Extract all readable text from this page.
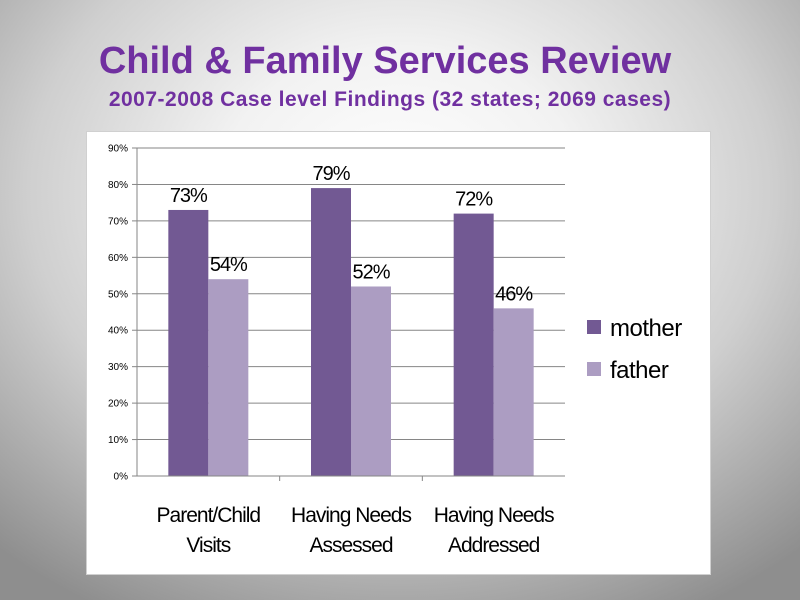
Child & Family Services Review
2007-2008 Case level Findings (32 states; 2069 cases)
0%
10%
20%
30%
40%
50%
60%
70%
80%
90%
73%
79%
72%
54%	52%
46%
Parent/Child
Visits
Having Needs
Assessed
Having Needs
Addressed
mother
father
